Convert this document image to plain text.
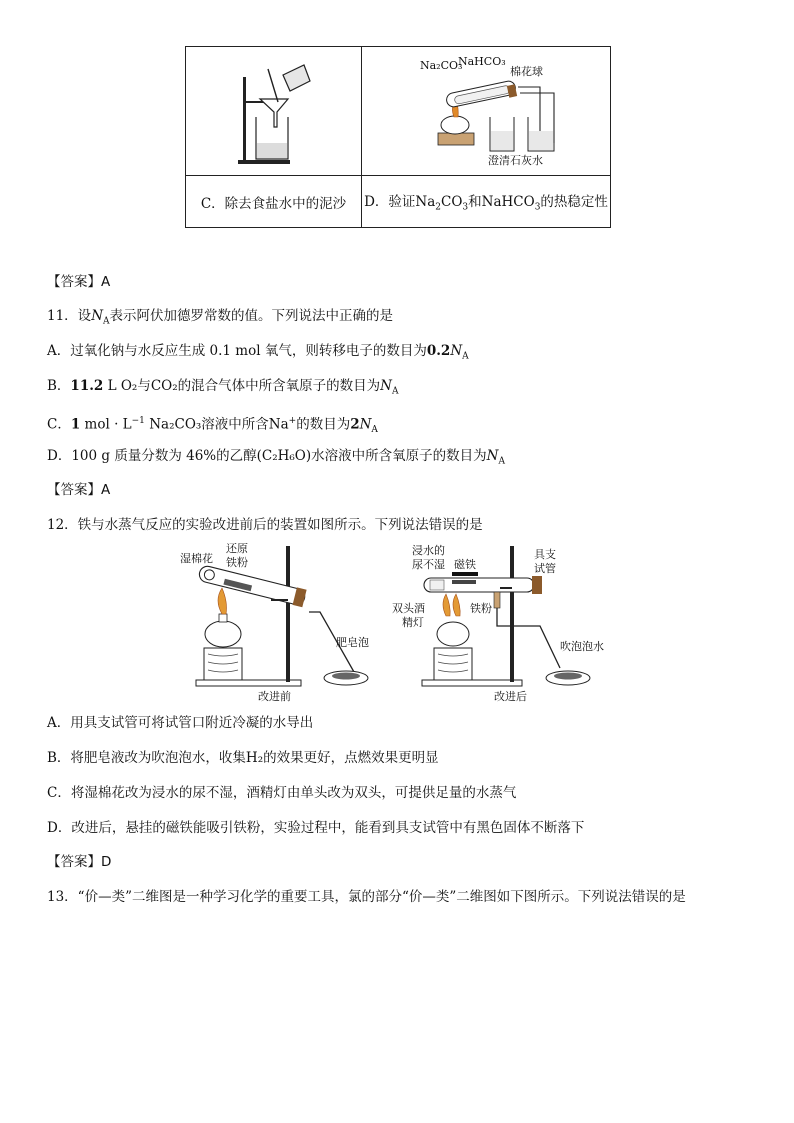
Na₂CO₃
NaHCO₃
棉花球
澄清石灰水

C．除去食盐水中的泥沙	D．验证$Na_2CO_3$和NaHCO$_3$的热稳定性
【答案】A
11．设$N_A$表示阿伏加德罗常数的值。下列说法中正确的是
A．过氧化钠与水反应生成 0.1 mol 氧气，则转移电子的数目为$0.2N_A$
B．11.2 L O₂与CO₂的混合气体中所含氧原子的数目为$N_A$
C．1 mol · $L^{-1}$ Na₂CO₃溶液中所含Na+的数目为$2N_A$
D．100 g 质量分数为 46%的乙醇(C₂H₆O)水溶液中所含氧原子的数目为$N_A$
【答案】A
12．铁与水蒸气反应的实验改进前后的装置如图所示。下列说法错误的是
湿棉花
还原
铁粉
肥皂泡
改进前
浸水的
尿不湿 磁铁
具支
试管
双头酒
精灯
铁粉
吹泡泡水
改进后
A．用具支试管可将试管口附近冷凝的水导出
B．将肥皂液改为吹泡泡水，收集H₂的效果更好，点燃效果更明显
C．将湿棉花改为浸水的尿不湿，酒精灯由单头改为双头，可提供足量的水蒸气
D．改进后，悬挂的磁铁能吸引铁粉，实验过程中，能看到具支试管中有黑色固体不断落下
【答案】D
13．“价—类”二维图是一种学习化学的重要工具，氯的部分“价—类”二维图如下图所示。下列说法错误的是
